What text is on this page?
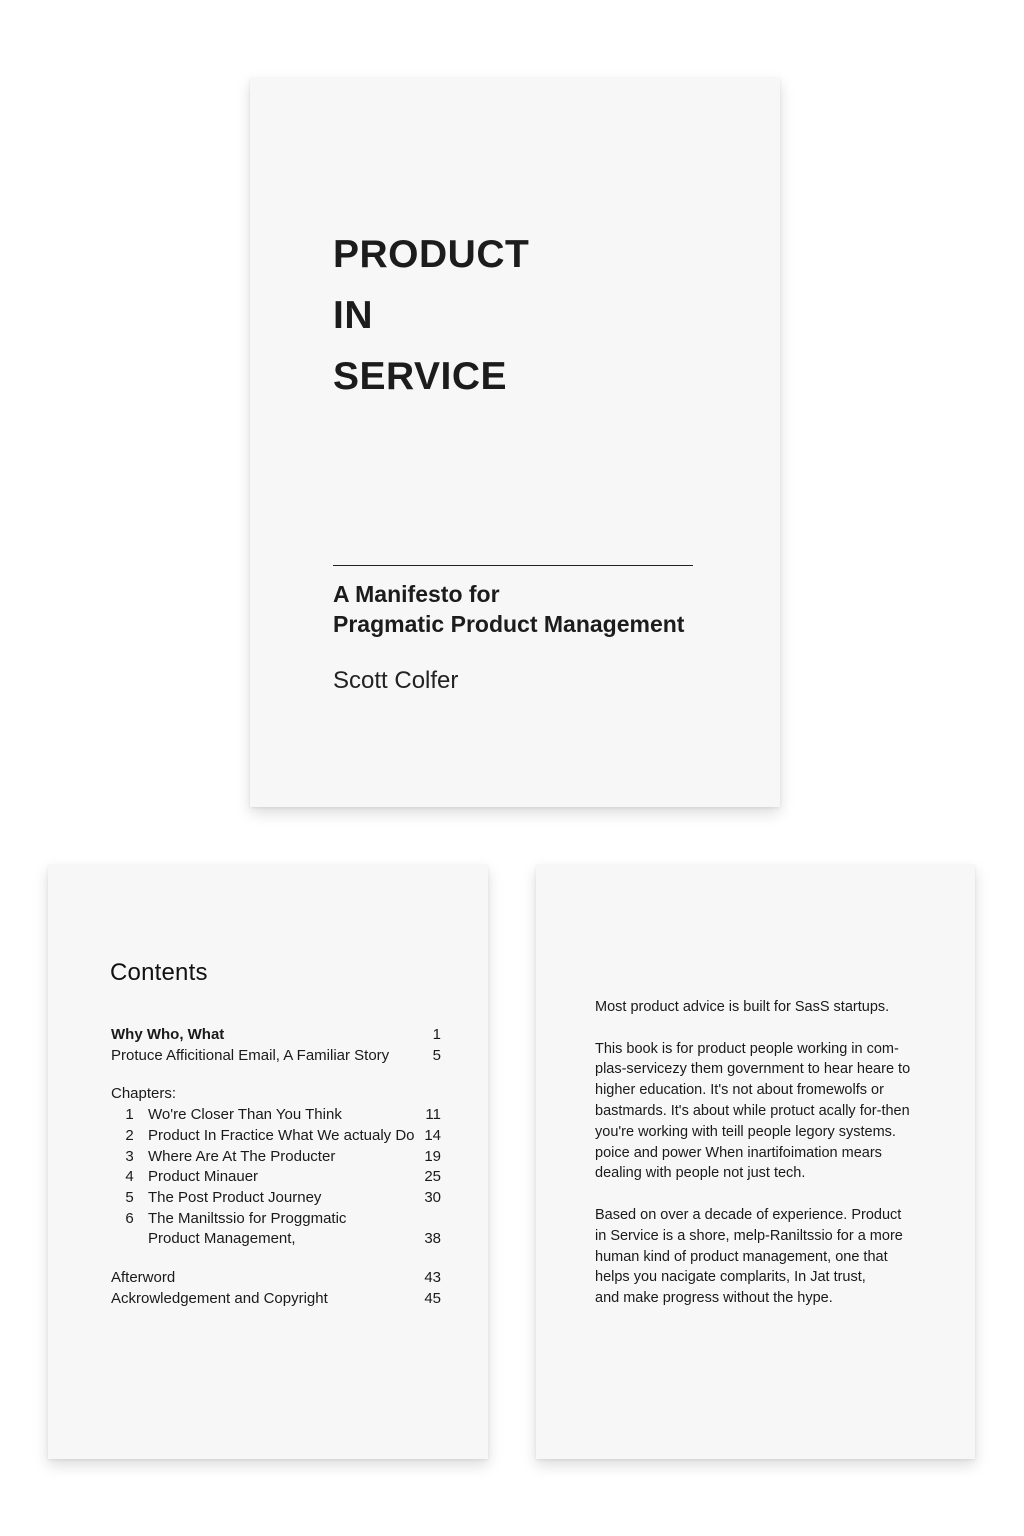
PRODUCT
IN
SERVICE
A Manifesto for
Pragmatic Product Management
Scott Colfer
Contents
Why Who, What	1
Protuce Afficitional Email, A Familiar Story	5
Chapters:
1 Wo're Closer Than You Think	11
2 Product In Fractice What We actualy Do 14
3 Where Are At The Producter	19
4 Product Minauer	25
5 The Post Product Journey	30
6 The Maniltssio for Progɡmatic Product Management,	38
Afterword	43
Ackrowledgement and Copyright	45

Most product advice is built for SasS startups.

This book is for product people working in com-
plas-servicezy them government to hear heare to
higher education. It's not about fromewolfs or
bastmards. It's about while protuct acally for-then
you're working with teill people legory systems.
poice and power When inartifoimation mears
dealing with people not just tech.

Based on over a decade of experience. Product
in Service is a shore, melp-Raniltssio for a more
human kind of product management, one that
helps you nacigate complarits, In Jat trust,
and make progress without the hype.
